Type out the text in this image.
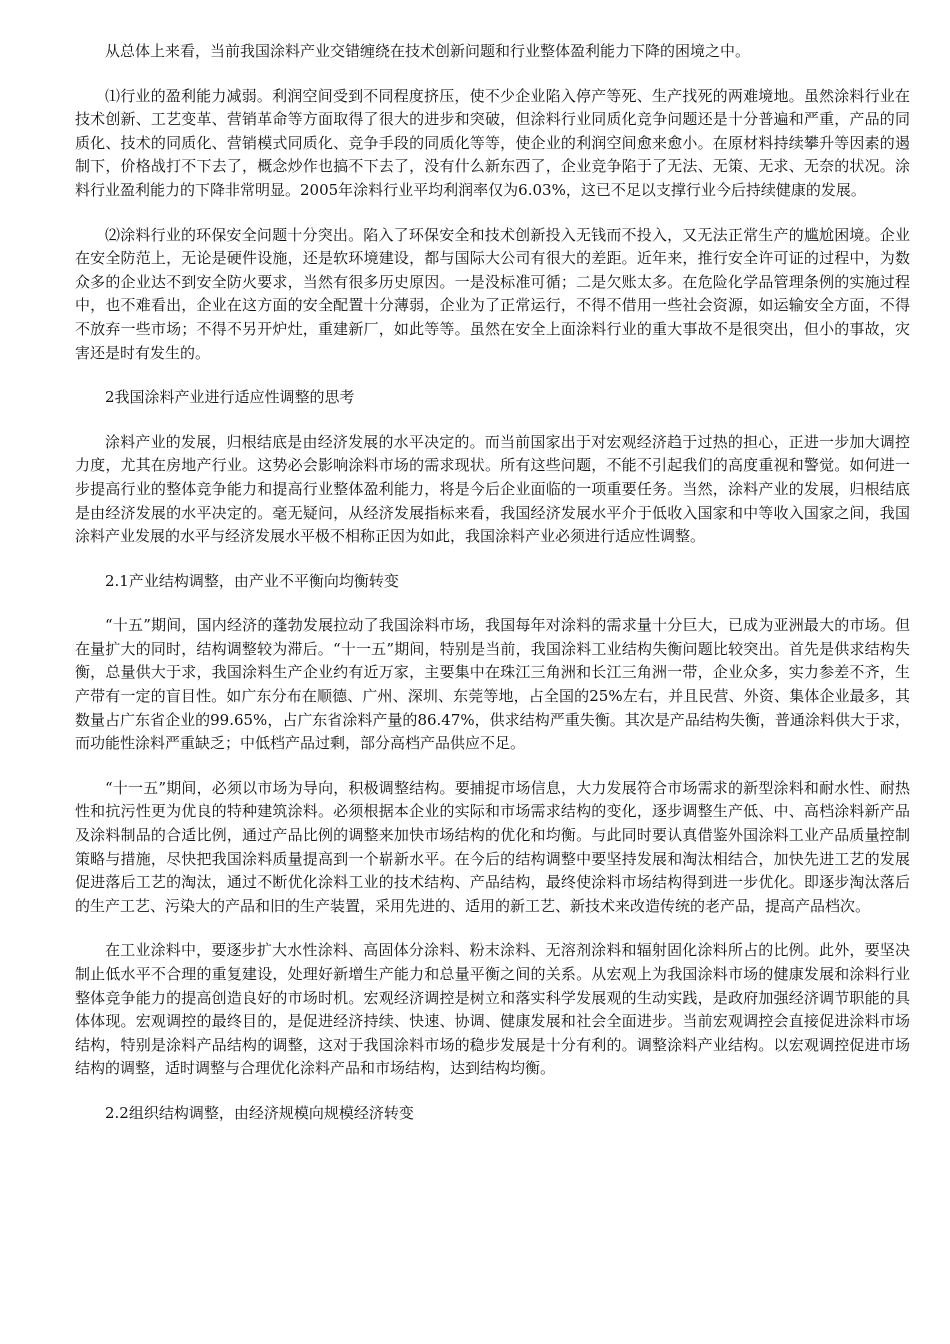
从总体上来看，当前我国涂料产业交错缠绕在技术创新问题和行业整体盈利能力下降的困境之中。

⑴行业的盈利能力减弱。利润空间受到不同程度挤压，使不少企业陷入停产等死、生产找死的两难境地。虽然涂料行业在技术创新、工艺变革、营销革命等方面取得了很大的进步和突破，但涂料行业同质化竞争问题还是十分普遍和严重，产品的同质化、技术的同质化、营销模式同质化、竞争手段的同质化等等，使企业的利润空间愈来愈小。在原材料持续攀升等因素的遏制下，价格战打不下去了，概念炒作也搞不下去了，没有什么新东西了，企业竞争陷于了无法、无策、无求、无奈的状况。涂料行业盈利能力的下降非常明显。2005年涂料行业平均利润率仅为6.03%，这已不足以支撑行业今后持续健康的发展。

⑵涂料行业的环保安全问题十分突出。陷入了环保安全和技术创新投入无钱而不投入，又无法正常生产的尴尬困境。企业在安全防范上，无论是硬件设施，还是软环境建设，都与国际大公司有很大的差距。近年来，推行安全许可证的过程中，为数众多的企业达不到安全防火要求，当然有很多历史原因。一是没标准可循；二是欠账太多。在危险化学品管理条例的实施过程中，也不难看出，企业在这方面的安全配置十分薄弱，企业为了正常运行，不得不借用一些社会资源，如运输安全方面，不得不放弃一些市场；不得不另开炉灶，重建新厂，如此等等。虽然在安全上面涂料行业的重大事故不是很突出，但小的事故，灾害还是时有发生的。

2我国涂料产业进行适应性调整的思考

涂料产业的发展，归根结底是由经济发展的水平决定的。而当前国家出于对宏观经济趋于过热的担心，正进一步加大调控力度，尤其在房地产行业。这势必会影响涂料市场的需求现状。所有这些问题，不能不引起我们的高度重视和警觉。如何进一步提高行业的整体竞争能力和提高行业整体盈利能力，将是今后企业面临的一项重要任务。当然，涂料产业的发展，归根结底是由经济发展的水平决定的。毫无疑问，从经济发展指标来看，我国经济发展水平介于低收入国家和中等收入国家之间，我国涂料产业发展的水平与经济发展水平极不相称正因为如此，我国涂料产业必须进行适应性调整。

2.1产业结构调整，由产业不平衡向均衡转变

“十五”期间，国内经济的蓬勃发展拉动了我国涂料市场，我国每年对涂料的需求量十分巨大，已成为亚洲最大的市场。但在量扩大的同时，结构调整较为滞后。“十一五”期间，特别是当前，我国涂料工业结构失衡问题比较突出。首先是供求结构失衡，总量供大于求，我国涂料生产企业约有近万家，主要集中在珠江三角洲和长江三角洲一带，企业众多，实力参差不齐，生产带有一定的盲目性。如广东分布在顺德、广州、深圳、东莞等地，占全国的25%左右，并且民营、外资、集体企业最多，其数量占广东省企业的99.65%，占广东省涂料产量的86.47%，供求结构严重失衡。其次是产品结构失衡，普通涂料供大于求，而功能性涂料严重缺乏；中低档产品过剩，部分高档产品供应不足。

“十一五”期间，必须以市场为导向，积极调整结构。要捕捉市场信息，大力发展符合市场需求的新型涂料和耐水性、耐热性和抗污性更为优良的特种建筑涂料。必须根据本企业的实际和市场需求结构的变化，逐步调整生产低、中、高档涂料新产品及涂料制品的合适比例，通过产品比例的调整来加快市场结构的优化和均衡。与此同时要认真借鉴外国涂料工业产品质量控制策略与措施，尽快把我国涂料质量提高到一个崭新水平。在今后的结构调整中要坚持发展和淘汰相结合，加快先进工艺的发展促进落后工艺的淘汰，通过不断优化涂料工业的技术结构、产品结构，最终使涂料市场结构得到进一步优化。即逐步淘汰落后的生产工艺、污染大的产品和旧的生产装置，采用先进的、适用的新工艺、新技术来改造传统的老产品，提高产品档次。

在工业涂料中，要逐步扩大水性涂料、高固体分涂料、粉末涂料、无溶剂涂料和辐射固化涂料所占的比例。此外，要坚决制止低水平不合理的重复建设，处理好新增生产能力和总量平衡之间的关系。从宏观上为我国涂料市场的健康发展和涂料行业整体竞争能力的提高创造良好的市场时机。宏观经济调控是树立和落实科学发展观的生动实践，是政府加强经济调节职能的具体体现。宏观调控的最终目的，是促进经济持续、快速、协调、健康发展和社会全面进步。当前宏观调控会直接促进涂料市场结构，特别是涂料产品结构的调整，这对于我国涂料市场的稳步发展是十分有利的。调整涂料产业结构。以宏观调控促进市场结构的调整，适时调整与合理优化涂料产品和市场结构，达到结构均衡。

2.2组织结构调整，由经济规模向规模经济转变
